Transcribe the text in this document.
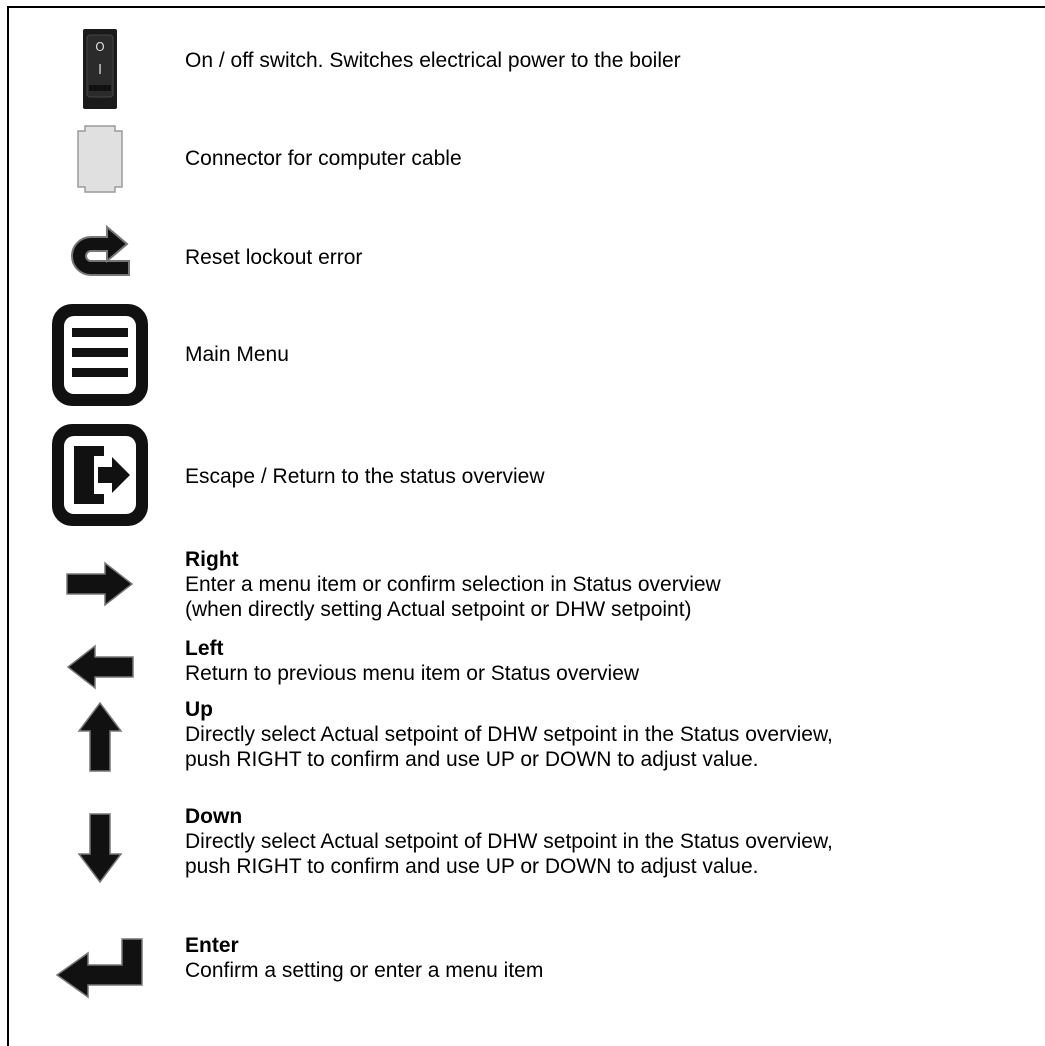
O
I	On / off switch. Switches electrical power to the boiler
Connector for computer cable
Reset lockout error
Main Menu
Escape / Return to the status overview
Right
Enter a menu item or confirm selection in Status overview
(when directly setting Actual setpoint or DHW setpoint)
Left
Return to previous menu item or Status overview
Up
Directly select Actual setpoint of DHW setpoint in the Status overview,
push RIGHT to confirm and use UP or DOWN to adjust value.
Down
Directly select Actual setpoint of DHW setpoint in the Status overview,
push RIGHT to confirm and use UP or DOWN to adjust value.
Enter
Confirm a setting or enter a menu item
